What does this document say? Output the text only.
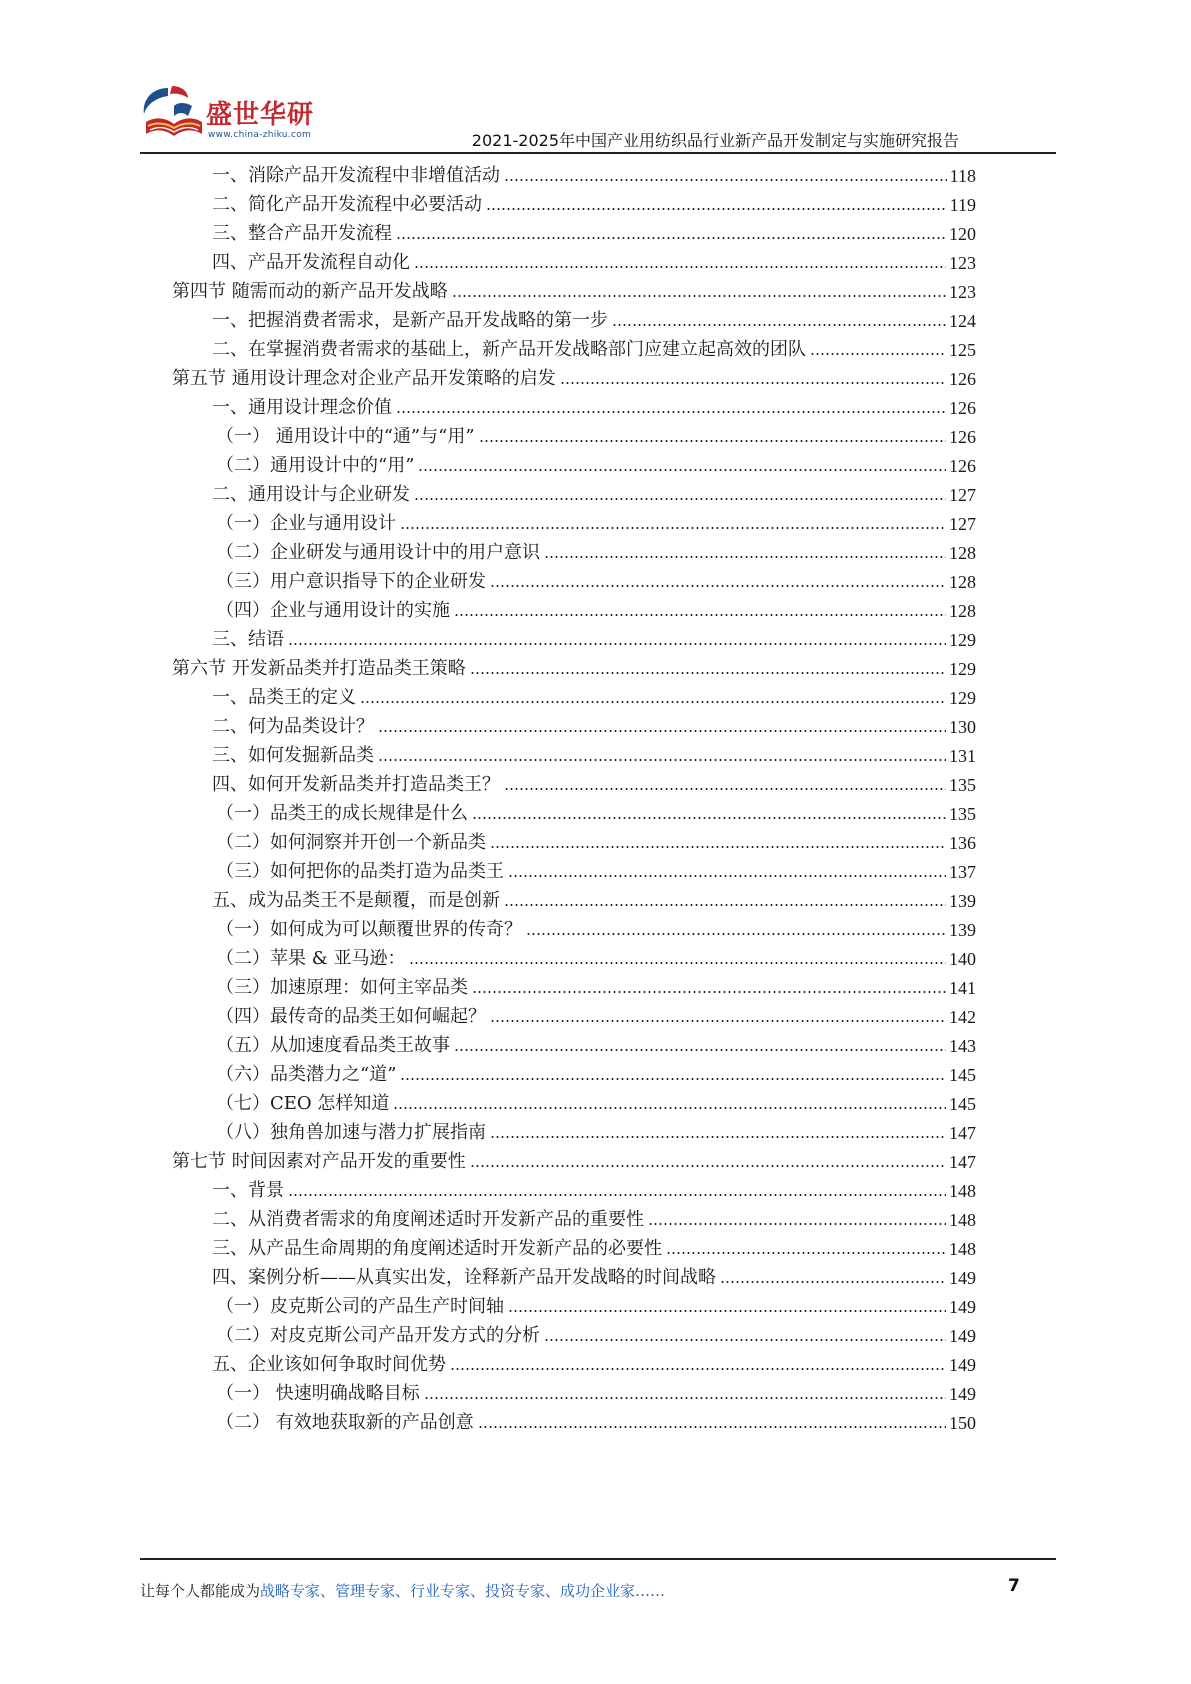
盛世华研
www.china-zhiku.com	2021-2025年中国产业用纺织品行业新产品开发制定与实施研究报告
一、消除产品开发流程中非增值活动	118
二、简化产品开发流程中必要活动	119
三、整合产品开发流程	120
四、产品开发流程自动化	123
第四节 随需而动的新产品开发战略	123
一、把握消费者需求，是新产品开发战略的第一步	124
二、在掌握消费者需求的基础上，新产品开发战略部门应建立起高效的团队	125
第五节 通用设计理念对企业产品开发策略的启发	126
一、通用设计理念价值	126
（一） 通用设计中的“通”与“用”	126
（二）通用设计中的“用”	126
二、通用设计与企业研发	127
（一）企业与通用设计	127
（二）企业研发与通用设计中的用户意识	128
（三）用户意识指导下的企业研发	128
（四）企业与通用设计的实施	128
三、结语	129
第六节 开发新品类并打造品类王策略	129
一、品类王的定义	129
二、何为品类设计？	130
三、如何发掘新品类	131
四、如何开发新品类并打造品类王？	135
（一）品类王的成长规律是什么	135
（二）如何洞察并开创一个新品类	136
（三）如何把你的品类打造为品类王	137
五、成为品类王不是颠覆，而是创新	139
（一）如何成为可以颠覆世界的传奇？	139
（二）苹果 & 亚马逊：	140
（三）加速原理：如何主宰品类	141
（四）最传奇的品类王如何崛起？	142
（五）从加速度看品类王故事	143
（六）品类潜力之“道”	145
（七）CEO 怎样知道	145
（八）独角兽加速与潜力扩展指南	147
第七节 时间因素对产品开发的重要性	147
一、背景	148
二、从消费者需求的角度阐述适时开发新产品的重要性	148
三、从产品生命周期的角度阐述适时开发新产品的必要性	148
四、案例分析——从真实出发，诠释新产品开发战略的时间战略	149
（一）皮克斯公司的产品生产时间轴	149
（二）对皮克斯公司产品开发方式的分析	149
五、企业该如何争取时间优势	149
（一） 快速明确战略目标	149
（二） 有效地获取新的产品创意	150
让每个人都能成为战略专家、管理专家、行业专家、投资专家、成功企业家……	7
